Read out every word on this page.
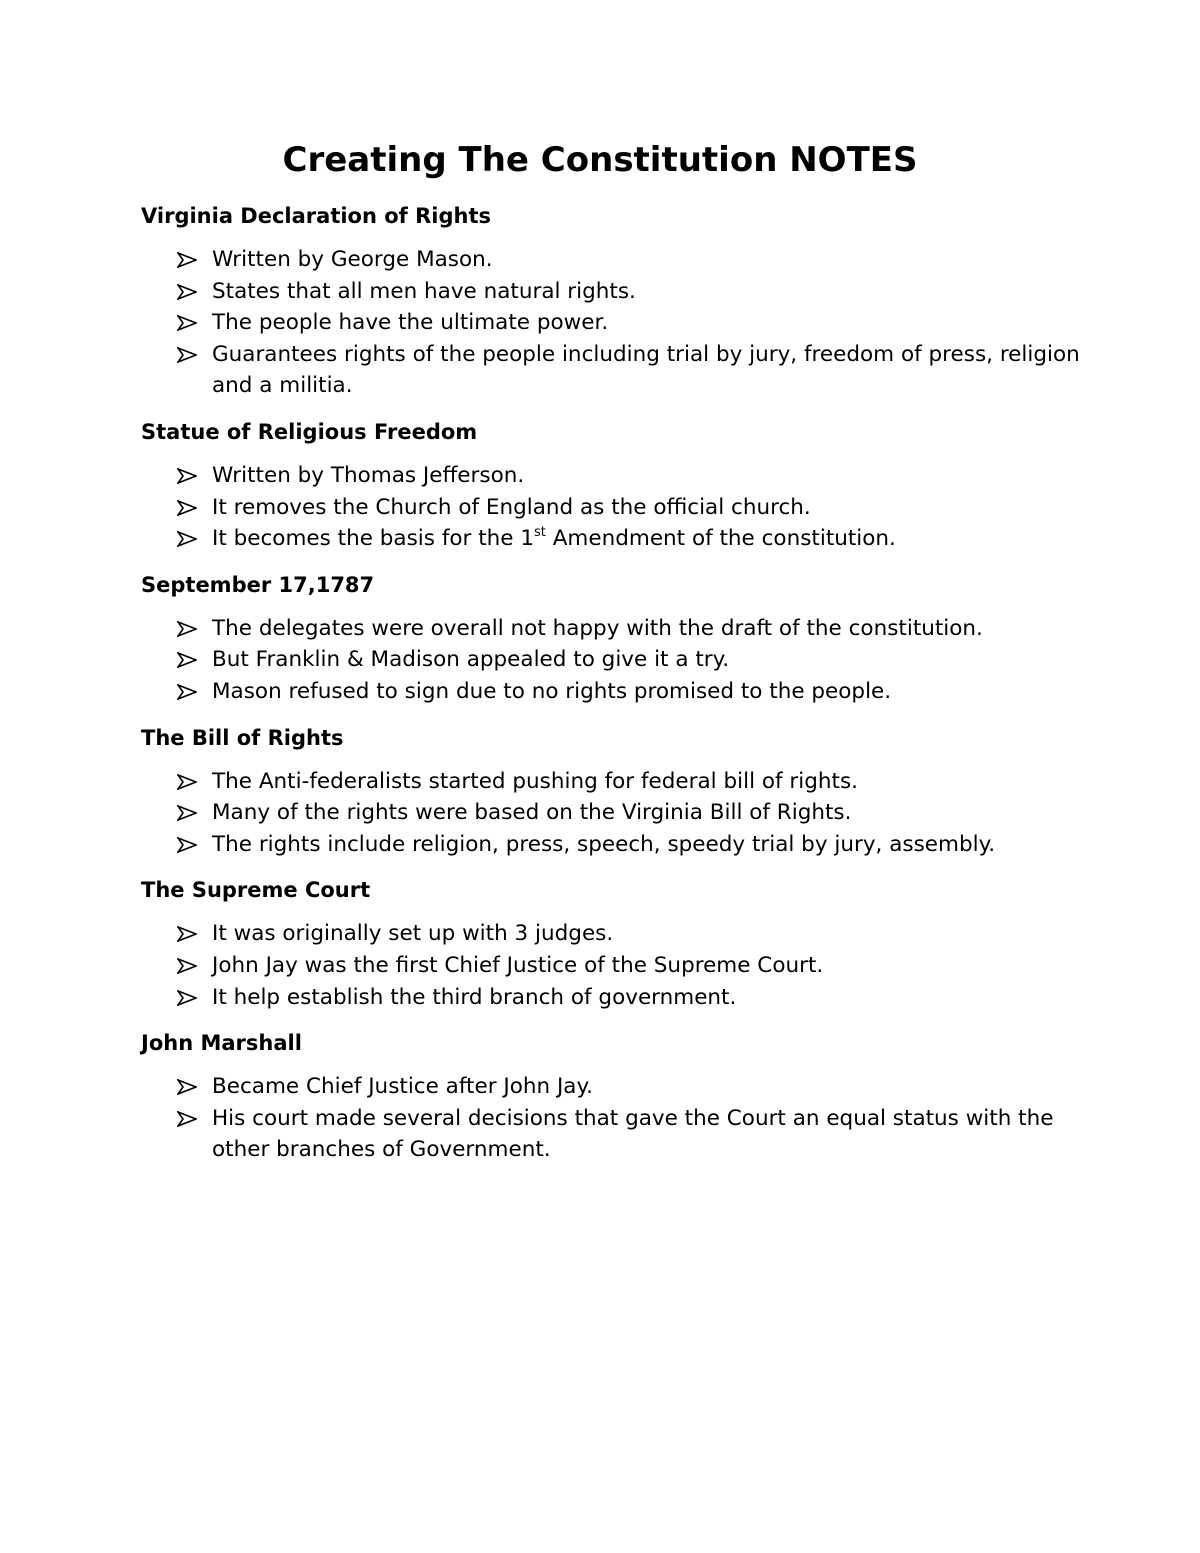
Creating The Constitution NOTES
Virginia Declaration of Rights
Written by George Mason.
States that all men have natural rights.
The people have the ultimate power.
Guarantees rights of the people including trial by jury, freedom of press, religion and a militia.
Statue of Religious Freedom
Written by Thomas Jefferson.
It removes the Church of England as the official church.
It becomes the basis for the 1st Amendment of the constitution.
September 17,1787
The delegates were overall not happy with the draft of the constitution.
But Franklin & Madison appealed to give it a try.
Mason refused to sign due to no rights promised to the people.
The Bill of Rights
The Anti-federalists started pushing for federal bill of rights.
Many of the rights were based on the Virginia Bill of Rights.
The rights include religion, press, speech, speedy trial by jury, assembly.
The Supreme Court
It was originally set up with 3 judges.
John Jay was the first Chief Justice of the Supreme Court.
It help establish the third branch of government.
John Marshall
Became Chief Justice after John Jay.
His court made several decisions that gave the Court an equal status with the other branches of Government.
